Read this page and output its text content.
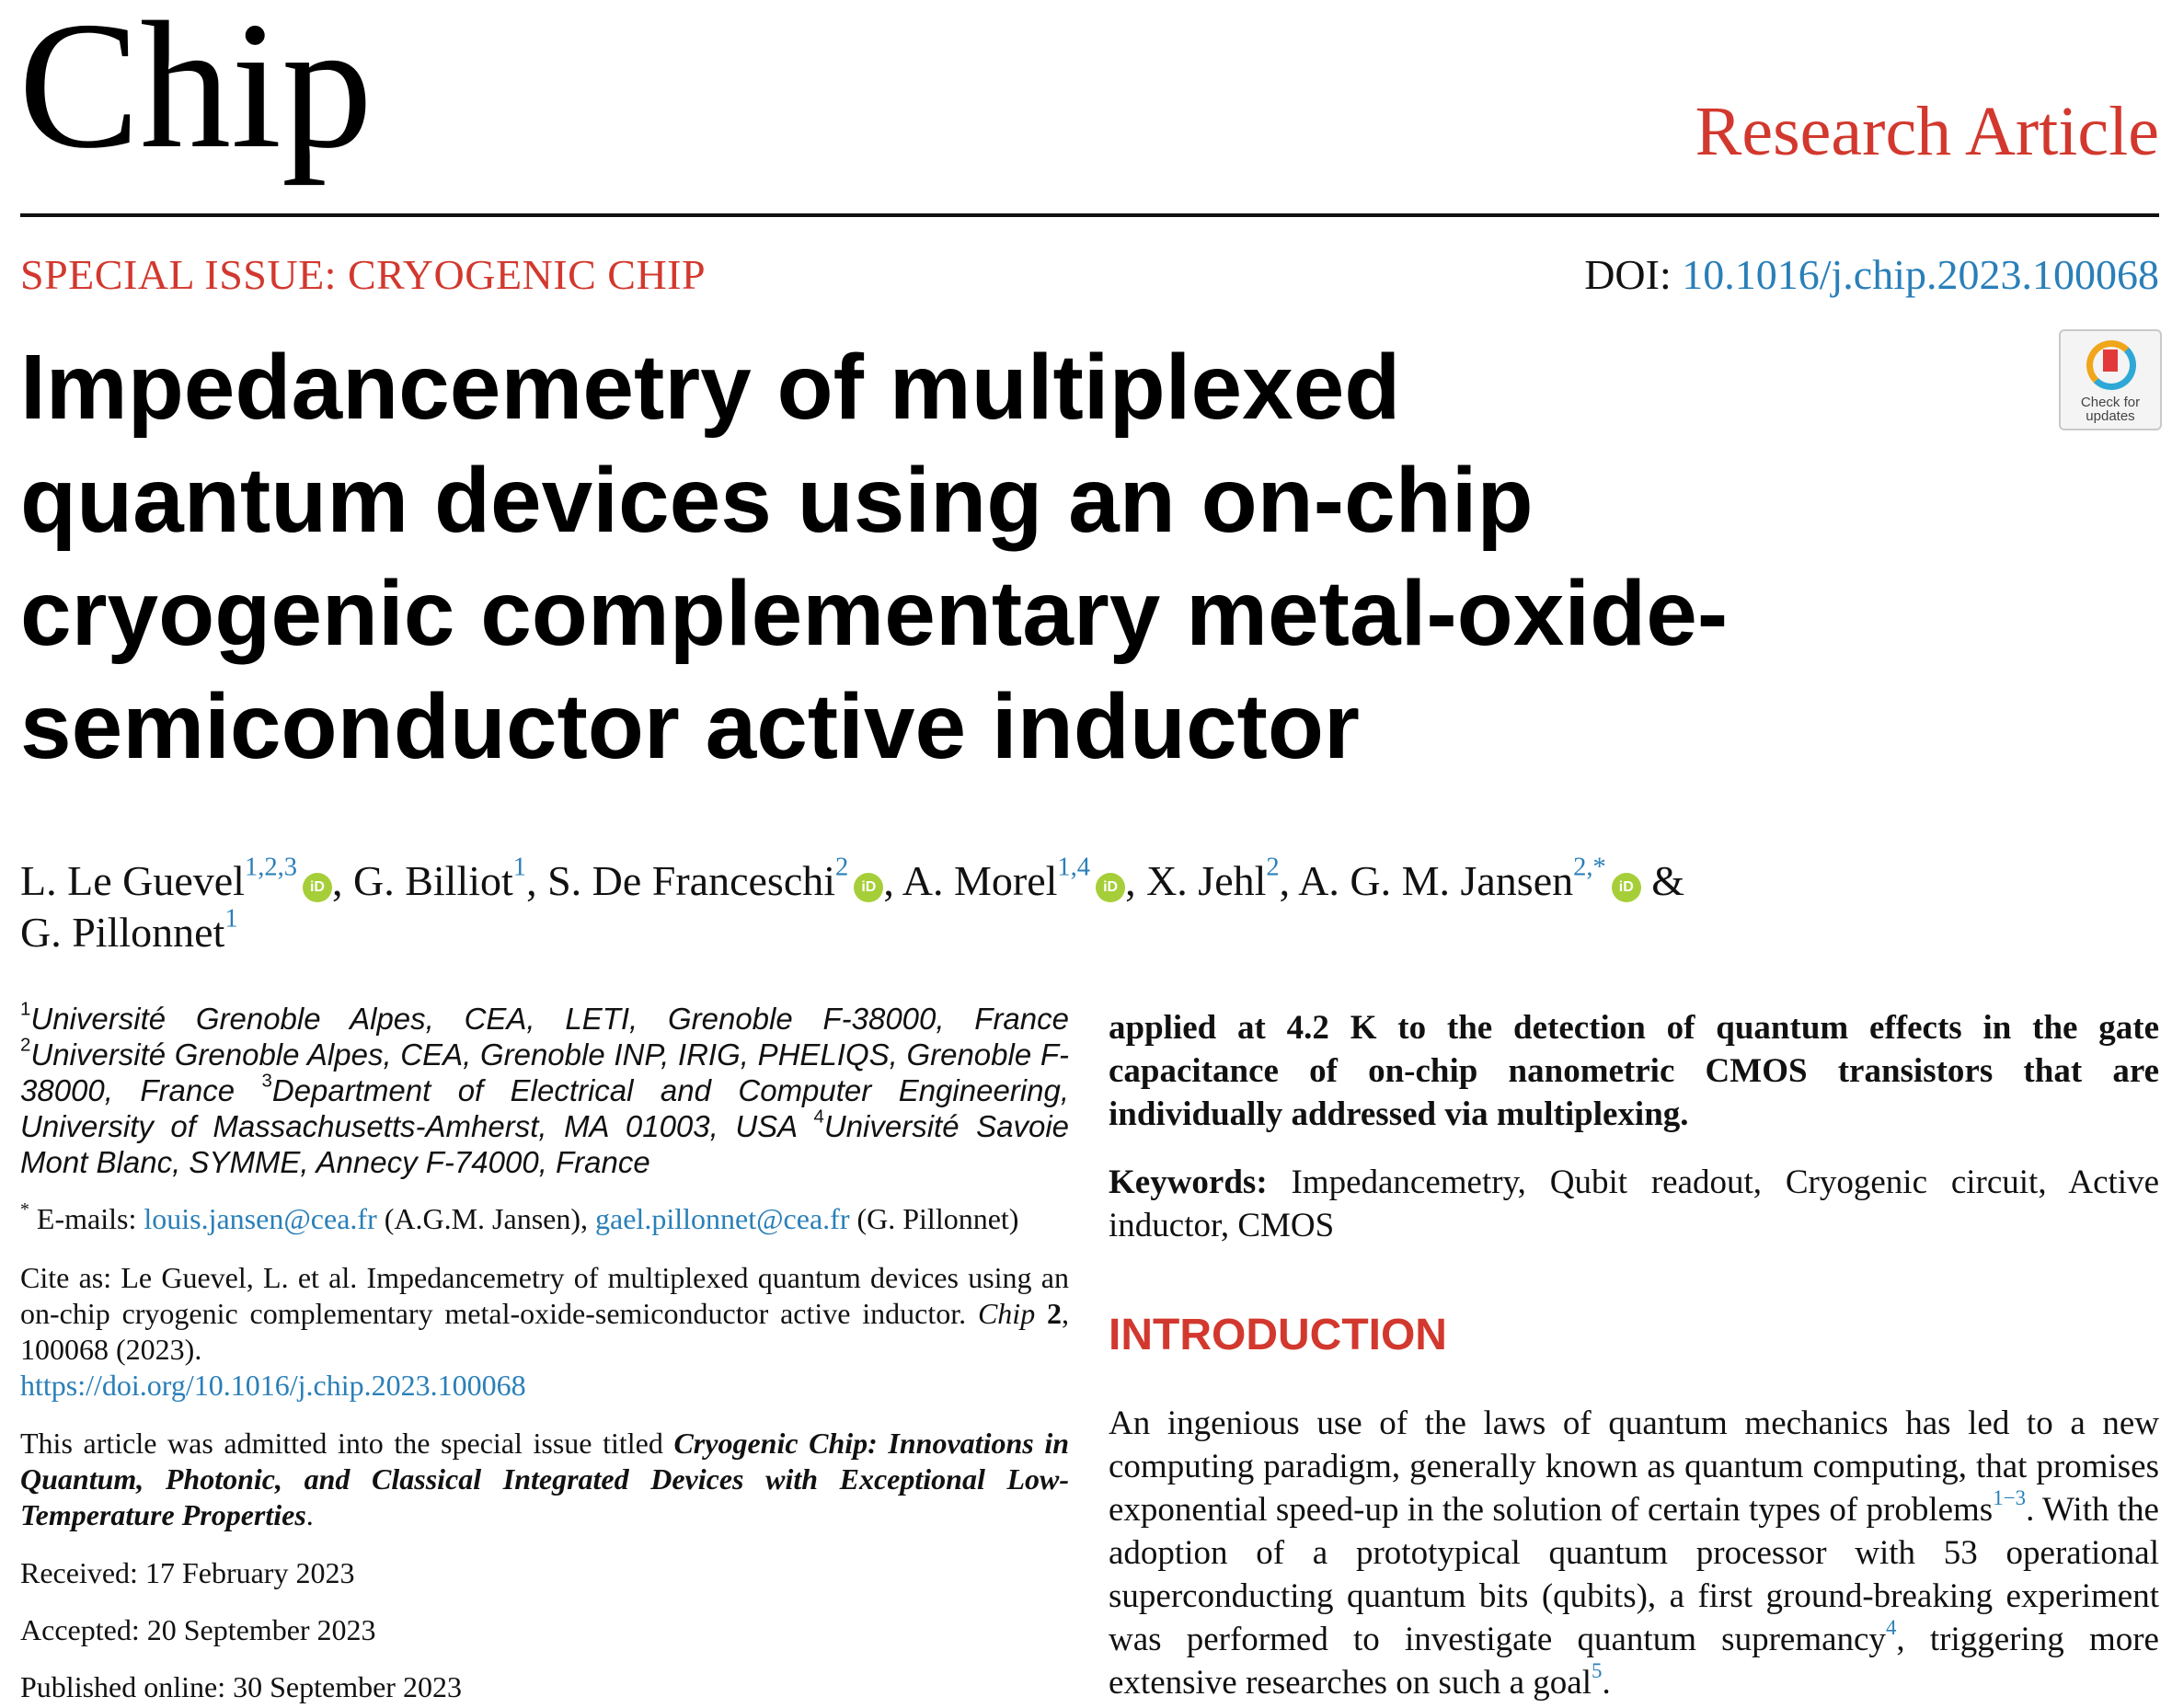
Chip	Research Article
SPECIAL ISSUE: CRYOGENIC CHIP	DOI: 10.1016/j.chip.2023.100068
Check for
updates
Impedancemetry of multiplexed
quantum devices using an on-chip
cryogenic complementary metal-oxide-
semiconductor active inductor
L. Le Guevel$^{1,2,3}$iD , G. Billiot$^1$, S. De Franceschi$^2$iD , A. Morel$^{1,4}$iD , X. Jehl$^2$, A. G. M. Jansen$^{2,*}$iD &
G. Pillonnet$^1$
$^1$Université Grenoble Alpes, CEA, LETI, Grenoble F-38000, France $^2$Université Grenoble Alpes, CEA, Grenoble INP, IRIG, PHELIQS, Grenoble F-38000, France $^3$Department of Electrical and Computer Engineering, University of Massachusetts-Amherst, MA 01003, USA $^4$Université Savoie Mont Blanc, SYMME, Annecy F-74000, France
* E-mails: louis.jansen@cea.fr (A.G.M. Jansen), gael.pillonnet@cea.fr (G. Pillonnet)
Cite as: Le Guevel, L. et al. Impedancemetry of multiplexed quantum devices using an on-chip cryogenic complementary metal-oxide-semiconductor active inductor. Chip 2, 100068 (2023).
https://doi.org/10.1016/j.chip.2023.100068
This article was admitted into the special issue titled Cryogenic Chip: Innovations in Quantum, Photonic, and Classical Integrated Devices with Exceptional Low-Temperature Properties.
Received: 17 February 2023
Accepted: 20 September 2023
Published online: 30 September 2023
applied at 4.2 K to the detection of quantum effects in the gate capacitance of on-chip nanometric CMOS transistors that are individually addressed via multiplexing.
Keywords: Impedancemetry, Qubit readout, Cryogenic circuit, Active inductor, CMOS
INTRODUCTION
An ingenious use of the laws of quantum mechanics has led to a new computing paradigm, generally known as quantum computing, that promises exponential speed-up in the solution of certain types of problems$^{1-3}$. With the adoption of a prototypical quantum processor with 53 operational superconducting quantum bits (qubits), a first ground-breaking experiment was performed to investigate quantum supremancy$^4$, triggering more extensive researches on such a goal$^5$.
